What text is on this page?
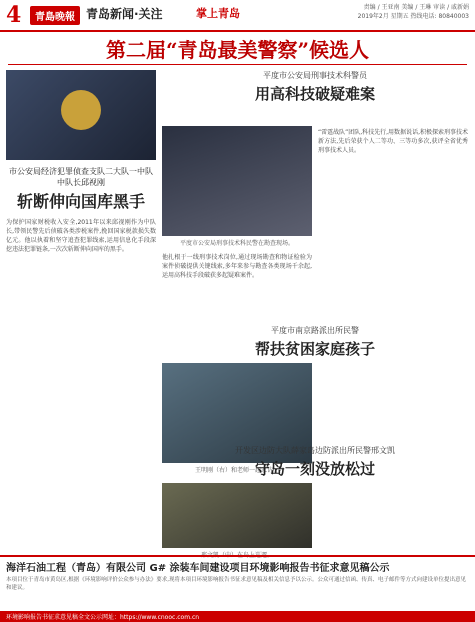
4	青島晚報 青岛新闻·关注	掌上青岛	责编 / 王亚南 美编 / 王琳 审读 / 戚新娟
2019年2月 星期五 热线电话: 80840003
第二届“青岛最美警察”候选人
市公安局经济犯罪侦查支队二大队一中队中队长邱视刚
斩断伸向国库黑手
为保护国家财税收入安全,2011年以来邱视刚作为中队长,带领民警先后侦破各类涉税案件,挽回国家税款损失数亿元。他以执着和坚守追查犯罪线索,运用信息化手段深挖违法犯罪链条,一次次斩断伸向国库的黑手。
平度市公安局刑事技术科警员
用高科技破疑难案
平度市公安局刑事技术科民警在勘查现场。
他扎根于一线刑事技术岗位,通过现场勘查和物证检验为案件侦破提供关键线索,多年来参与勘查各类现场千余起,运用高科技手段破获多起疑难案件。
“雷霆战队”团队,科技先行,用数据说话,积极探索刑事技术新方法,先后荣获个人二等功、三等功多次,获评全省优秀刑事技术人员。
平度市南京路派出所民警
帮扶贫困家庭孩子
王明刚（右）和老师一起家访。
开发区边防大队薛家岛边防派出所民警邢文凯
守岛一刻没放松过
邢文凯（中）在岛上巡逻。
海洋石油工程（青岛）有限公司 G# 涂装车间建设项目环境影响报告书征求意见稿公示
本项目位于青岛市黄岛区,根据《环境影响评价公众参与办法》要求,现将本项目环境影响报告书征求意见稿及相关信息予以公示。公众可通过信函、传真、电子邮件等方式向建设单位提出意见和建议。
环境影响报告书征求意见稿全文公示网址：https://www.cnooc.com.cn
